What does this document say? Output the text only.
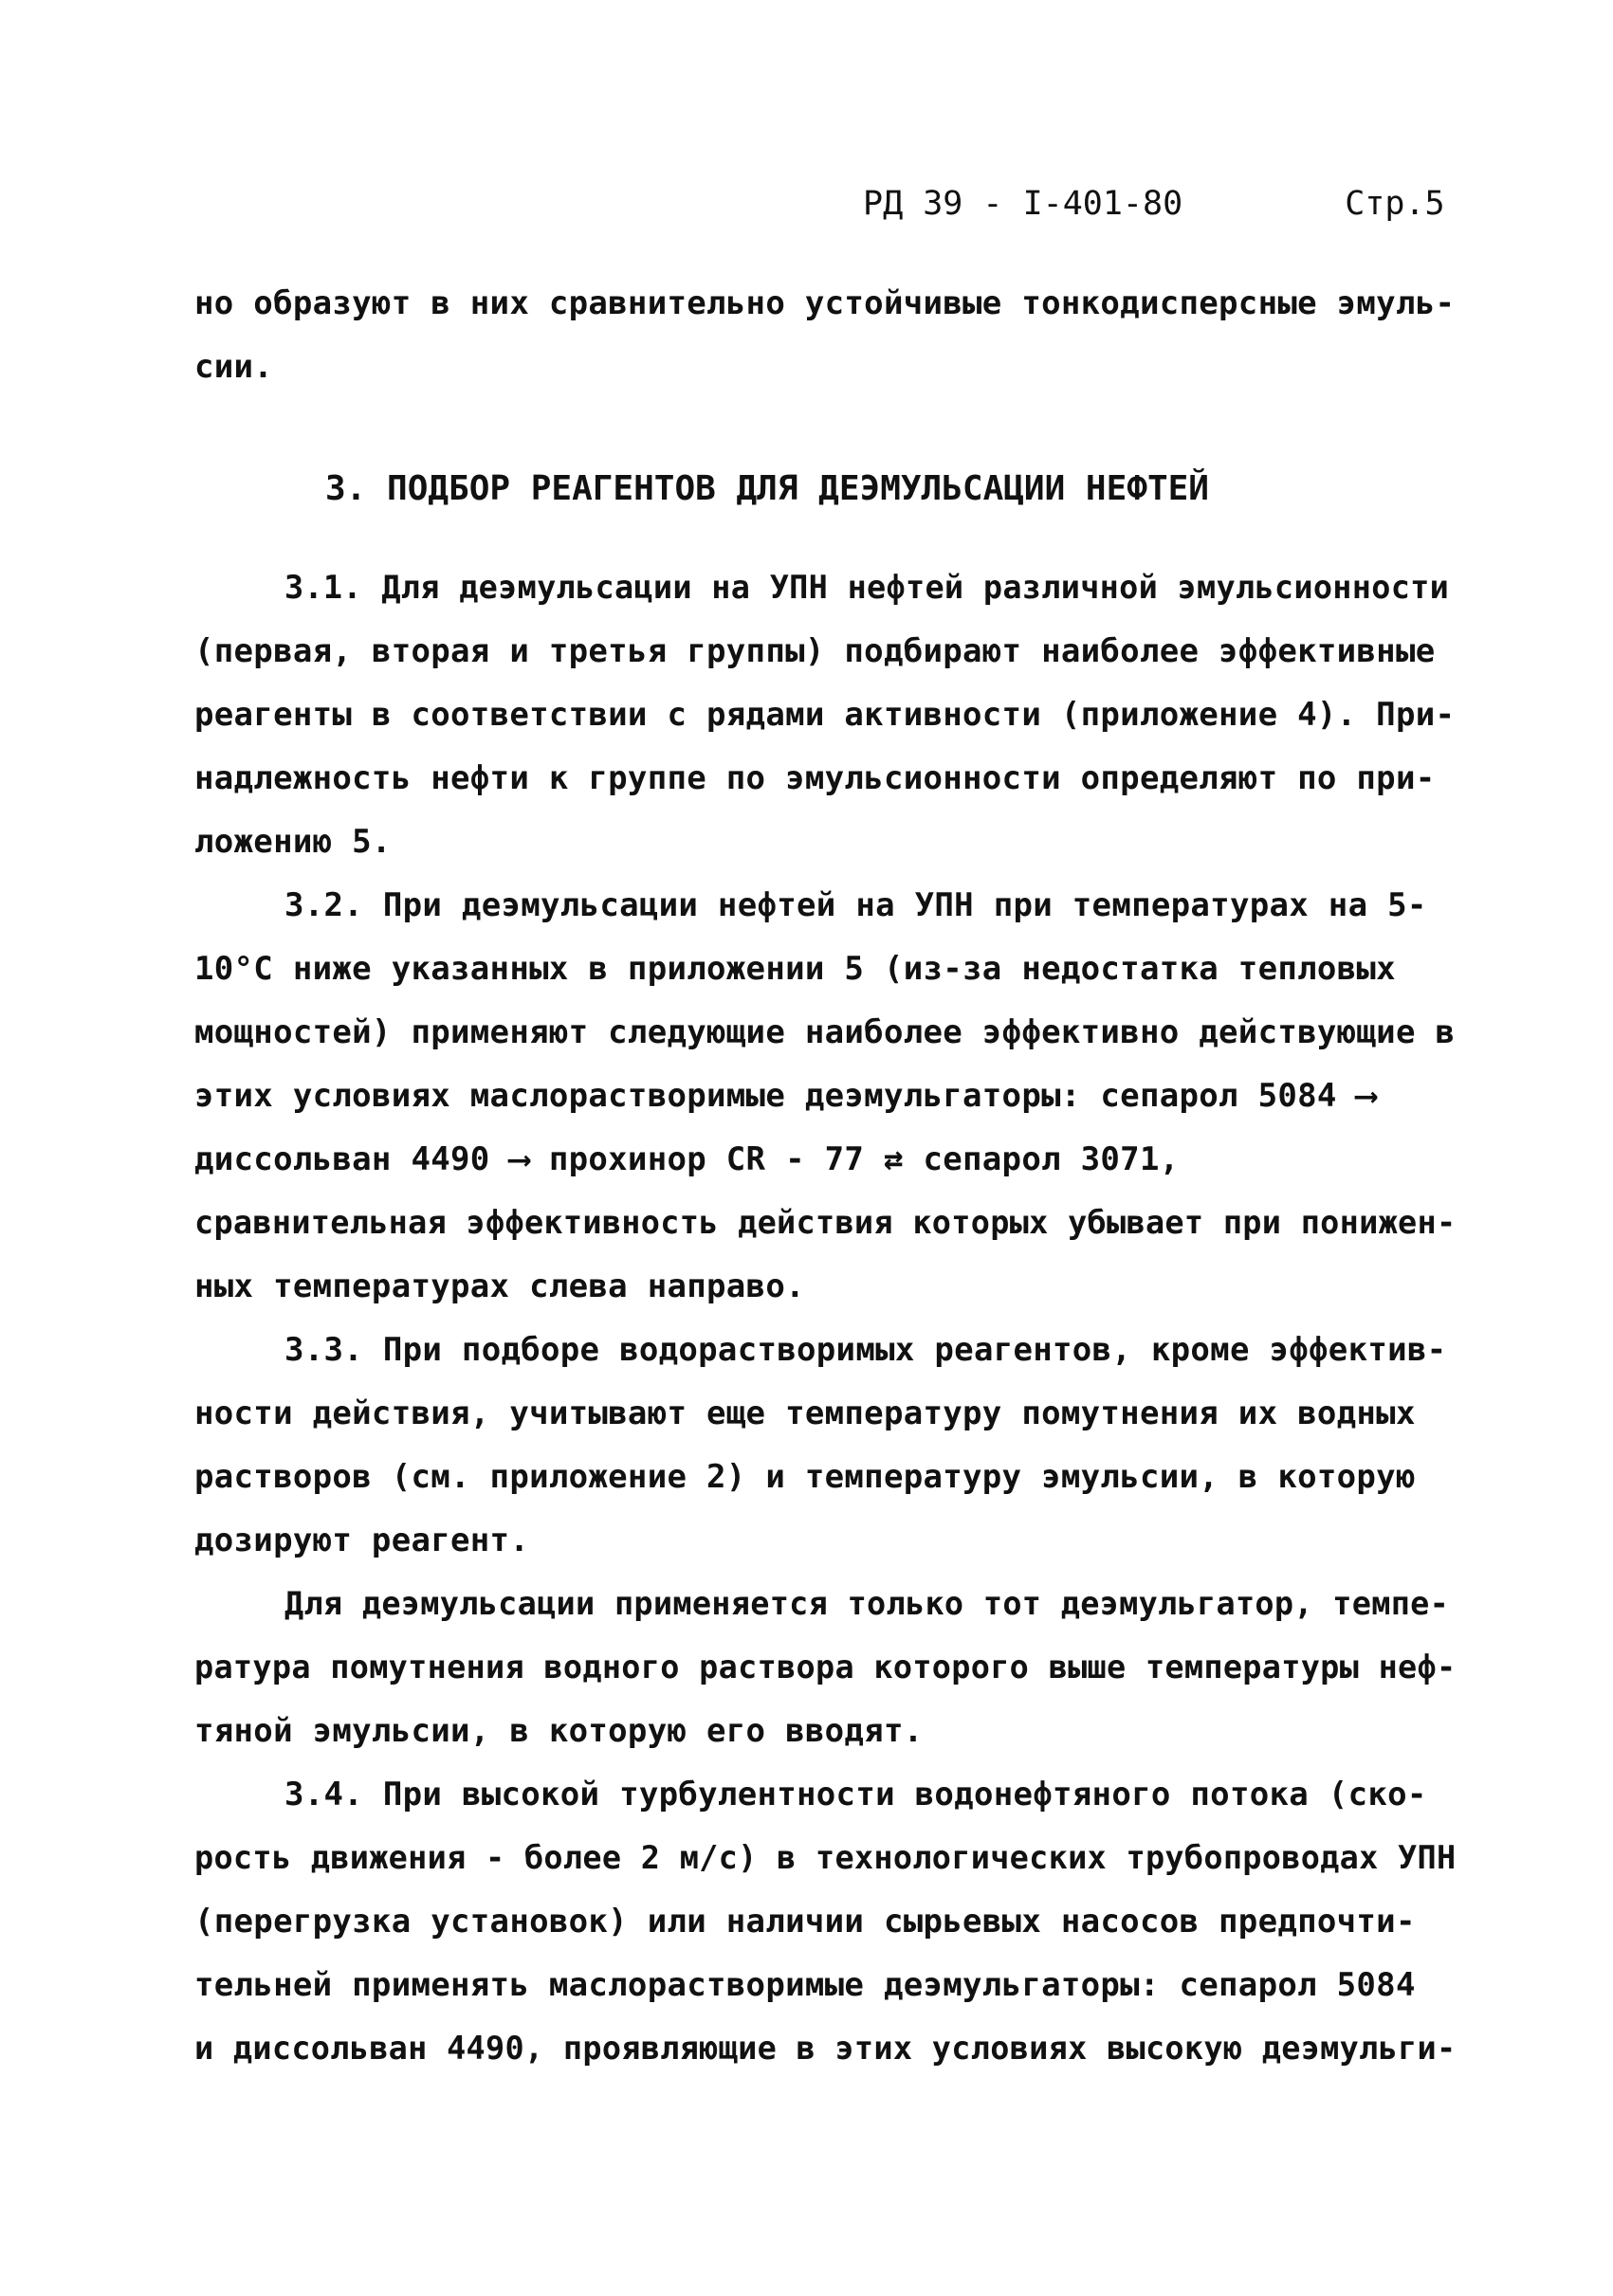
РД 39 - I-401-80	Стр.5
но образуют в них сравнительно устойчивые тонкодисперсные эмуль-
сии.
3. ПОДБОР РЕАГЕНТОВ ДЛЯ ДЕЭМУЛЬСАЦИИ НЕФТЕЙ
3.1. Для деэмульсации на УПН нефтей различной эмульсионности
(первая, вторая и третья группы) подбирают наиболее эффективные
реагенты в соответствии с рядами активности (приложение 4). При-
надлежность нефти к группе по эмульсионности определяют по при-
ложению 5.
3.2. При деэмульсации нефтей на УПН при температурах на 5-
10°С ниже указанных в приложении 5 (из-за недостатка тепловых
мощностей) применяют следующие наиболее эффективно действующие в
этих условиях маслорастворимые деэмульгаторы: сепарол 5084 ⟶
диссольван 4490 ⟶ прохинор CR - 77 ⇄ сепарол 3071,
сравнительная эффективность действия которых убывает при понижен-
ных температурах слева направо.
3.3. При подборе водорастворимых реагентов, кроме эффектив-
ности действия, учитывают еще температуру помутнения их водных
растворов (см. приложение 2) и температуру эмульсии, в которую
дозируют реагент.
Для деэмульсации применяется только тот деэмульгатор, темпе-
ратура помутнения водного раствора которого выше температуры неф-
тяной эмульсии, в которую его вводят.
3.4. При высокой турбулентности водонефтяного потока (ско-
рость движения - более 2 м/с) в технологических трубопроводах УПН
(перегрузка установок) или наличии сырьевых насосов предпочти-
тельней применять маслорастворимые деэмульгаторы: сепарол 5084
и диссольван 4490, проявляющие в этих условиях высокую деэмульги-
